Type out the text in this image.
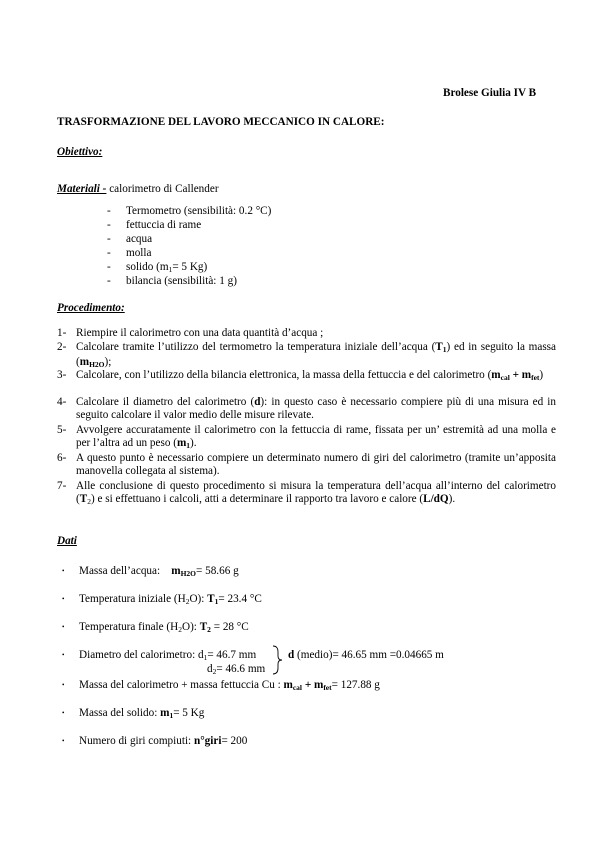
Brolese Giulia IV B
TRASFORMAZIONE DEL LAVORO MECCANICO IN CALORE:
Obiettivo:
Materiali - calorimetro di Callender
- Termometro (sensibilità: 0.2 °C)
- fettuccia di rame
- acqua
- molla
- solido ($m_1= 5$ Kg)
- bilancia (sensibilità: 1 g)
Procedimento:
1- Riempire il calorimetro con una data quantità d’acqua ;
2- Calcolare tramite l’utilizzo del termometro la temperatura iniziale dell’acqua $(T_1)$ ed in seguito la massa $(m_{H2O})$;
3- Calcolare, con l’utilizzo della bilancia elettronica, la massa della fettuccia e del calorimetro $(m_{cal} + m_{fet})$
4- Calcolare il diametro del calorimetro (d): in questo caso è necessario compiere più di una misura ed in seguito calcolare il valor medio delle misure rilevate.
5- Avvolgere accuratamente il calorimetro con la fettuccia di rame, fissata per un’ estremità ad una molla e per l’altra ad un peso $(m_1)$.
6- A questo punto è necessario compiere un determinato numero di giri del calorimetro (tramite un’apposita manovella collegata al sistema).
7- Alle conclusione di questo procedimento si misura la temperatura dell’acqua all’interno del calorimetro $(T_2)$ e si effettuano i calcoli, atti a determinare il rapporto tra lavoro e calore (L/dQ).
Dati
• Massa dell’acqua:    $m_{H2O}= 58.66$ g
• Temperatura iniziale $(H_2O)$: $T_1= 23.4$ °C
• Temperatura finale $(H_2O)$: $T_2 = 28$ °C
• Diametro del calorimetro: $d_1= 46.7$ mm
$d_2= 46.6$ mm
d (medio)= 46.65 mm =0.04665 m
• Massa del calorimetro + massa fettuccia Cu : $m_{cal} + m_{fet}= 127.88$ g
• Massa del solido: $m_1= 5$ Kg
• Numero di giri compiuti: n°giri= 200
